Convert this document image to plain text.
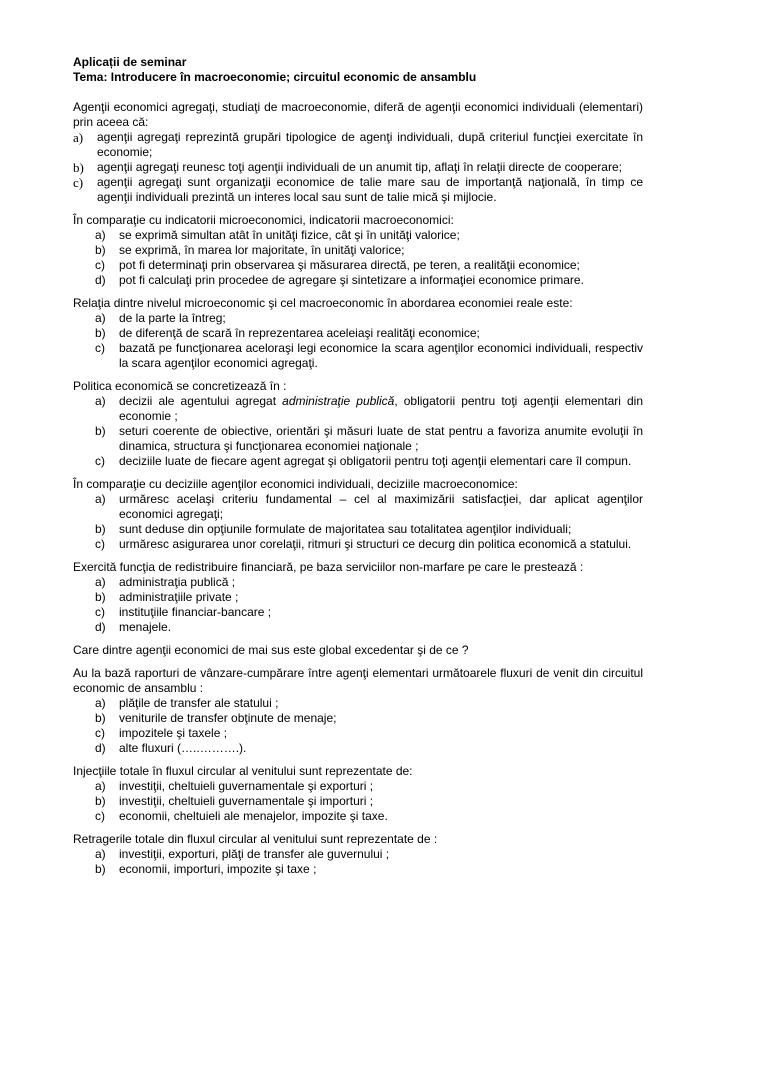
Aplicații de seminar
Tema: Introducere în macroeconomie; circuitul economic de ansamblu
Agenţii economici agregaţi, studiaţi de macroeconomie, diferă de agenţii economici individuali (elementari) prin aceea că:
a) agenţii agregaţi reprezintă grupări tipologice de agenţi individuali, după criteriul funcţiei exercitate în economie;
b) agenţii agregaţi reunesc toţi agenţii individuali de un anumit tip, aflaţi în relaţii directe de cooperare;
c) agenţii agregaţi sunt organizaţii economice de talie mare sau de importanţă naţională, în timp ce agenţii individuali prezintă un interes local sau sunt de talie mică şi mijlocie.
În comparaţie cu indicatorii microeconomici, indicatorii macroeconomici:
a) se exprimă simultan atât în unităţi fizice, cât şi în unităţi valorice;
b) se exprimă, în marea lor majoritate, în unităţi valorice;
c) pot fi determinaţi prin observarea şi măsurarea directă, pe teren, a realităţii economice;
d) pot fi calculaţi prin procedee de agregare şi sintetizare a informaţiei economice primare.
Relaţia dintre nivelul microeconomic şi cel macroeconomic în abordarea economiei reale este:
a) de la parte la întreg;
b) de diferenţă de scară în reprezentarea aceleiaşi realităţi economice;
c) bazată pe funcţionarea aceloraşi legi economice la scara agenţilor economici individuali, respectiv la scara agenţilor economici agregaţi.
Politica economică se concretizează în :
a) decizii ale agentului agregat administraţie publică, obligatorii pentru toţi agenţii elementari din economie ;
b) seturi coerente de obiective, orientări şi măsuri luate de stat pentru a favoriza anumite evoluţii în dinamica, structura şi funcţionarea economiei naţionale ;
c) deciziile luate de fiecare agent agregat şi obligatorii pentru toţi agenţii elementari care îl compun.
În comparaţie cu deciziile agenţilor economici individuali, deciziile macroeconomice:
a) urmăresc acelaşi criteriu fundamental – cel al maximizării satisfacţiei, dar aplicat agenţilor economici agregaţi;
b) sunt deduse din opţiunile formulate de majoritatea sau totalitatea agenţilor individuali;
c) urmăresc asigurarea unor corelaţii, ritmuri şi structuri ce decurg din politica economică a statului.
Exercită funcţia de redistribuire financiară, pe baza serviciilor non-marfare pe care le prestează :
a) administraţia publică ;
b) administraţiile private ;
c) instituţiile financiar-bancare ;
d) menajele.
Care dintre agenţii economici de mai sus este global excedentar şi de ce ?
Au la bază raporturi de vânzare-cumpărare între agenţi elementari următoarele fluxuri de venit din circuitul economic de ansamblu :
a) plăţile de transfer ale statului ;
b) veniturile de transfer obţinute de menaje;
c) impozitele şi taxele ;
d) alte fluxuri (…..……….).
Injecţiile totale în fluxul circular al venitului sunt reprezentate de:
a) investiţii, cheltuieli guvernamentale şi exporturi ;
b) investiţii, cheltuieli guvernamentale şi importuri ;
c) economii, cheltuieli ale menajelor, impozite şi taxe.
Retragerile totale din fluxul circular al venitului sunt reprezentate de :
a) investiţii, exporturi, plăţi de transfer ale guvernului ;
b) economii, importuri, impozite şi taxe ;
